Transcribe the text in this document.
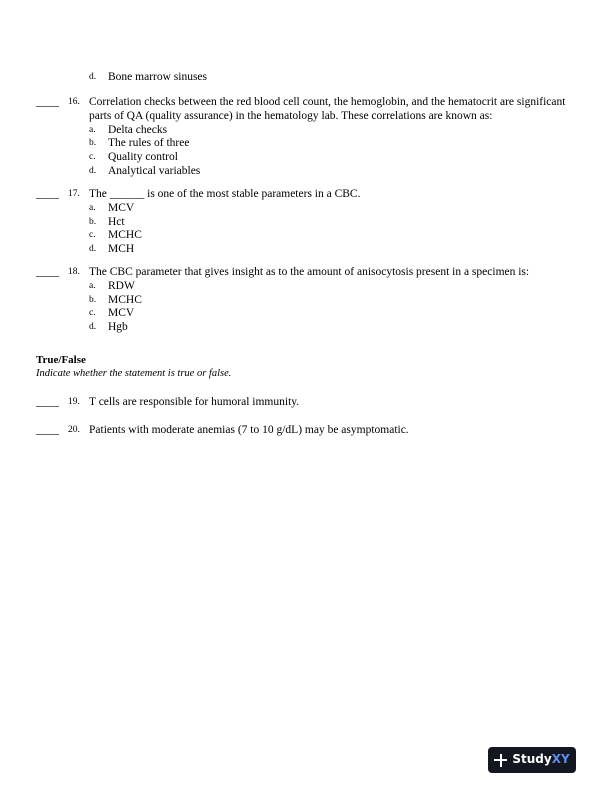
d. Bone marrow sinuses
____ 16. Correlation checks between the red blood cell count, the hemoglobin, and the hematocrit are significant parts of QA (quality assurance) in the hematology lab. These correlations are known as:
a. Delta checks
b. The rules of three
c. Quality control
d. Analytical variables
____ 17. The ______ is one of the most stable parameters in a CBC.
a. MCV
b. Hct
c. MCHC
d. MCH
____ 18. The CBC parameter that gives insight as to the amount of anisocytosis present in a specimen is:
a. RDW
b. MCHC
c. MCV
d. Hgb
True/False
Indicate whether the statement is true or false.
____ 19. T cells are responsible for humoral immunity.
____ 20. Patients with moderate anemias (7 to 10 g/dL) may be asymptomatic.
StudyXY
